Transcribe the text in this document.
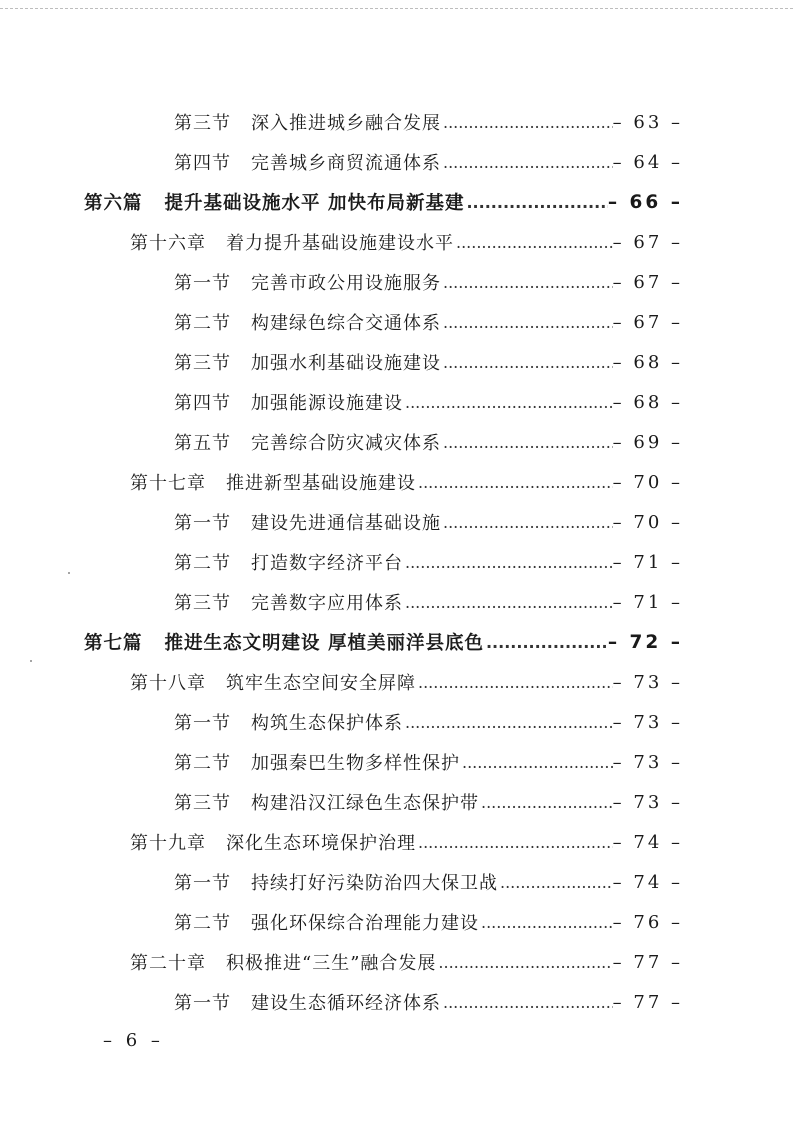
第三节 深入推进城乡融合发展 .....	– 63 –
第四节 完善城乡商贸流通体系 .....	– 64 –
第六篇 提升基础设施水平 加快布局新基建 .....	– 66 –
第十六章 着力提升基础设施建设水平 .....	– 67 –
第一节 完善市政公用设施服务 .....	– 67 –
第二节 构建绿色综合交通体系 .....	– 67 –
第三节 加强水利基础设施建设 .....	– 68 –
第四节 加强能源设施建设 .....	– 68 –
第五节 完善综合防灾减灾体系 .....	– 69 –
第十七章 推进新型基础设施建设 .....	– 70 –
第一节 建设先进通信基础设施 .....	– 70 –
第二节 打造数字经济平台 .....	– 71 –
第三节 完善数字应用体系 .....	– 71 –
第七篇 推进生态文明建设 厚植美丽洋县底色 .....	– 72 –
第十八章 筑牢生态空间安全屏障 .....	– 73 –
第一节 构筑生态保护体系 .....	– 73 –
第二节 加强秦巴生物多样性保护 .....	– 73 –
第三节 构建沿汉江绿色生态保护带 .....	– 73 –
第十九章 深化生态环境保护治理 .....	– 74 –
第一节 持续打好污染防治四大保卫战 .....	– 74 –
第二节 强化环保综合治理能力建设 .....	– 76 –
第二十章 积极推进“三生”融合发展 .....	– 77 –
第一节 建设生态循环经济体系 .....	– 77 –
– 6 –
